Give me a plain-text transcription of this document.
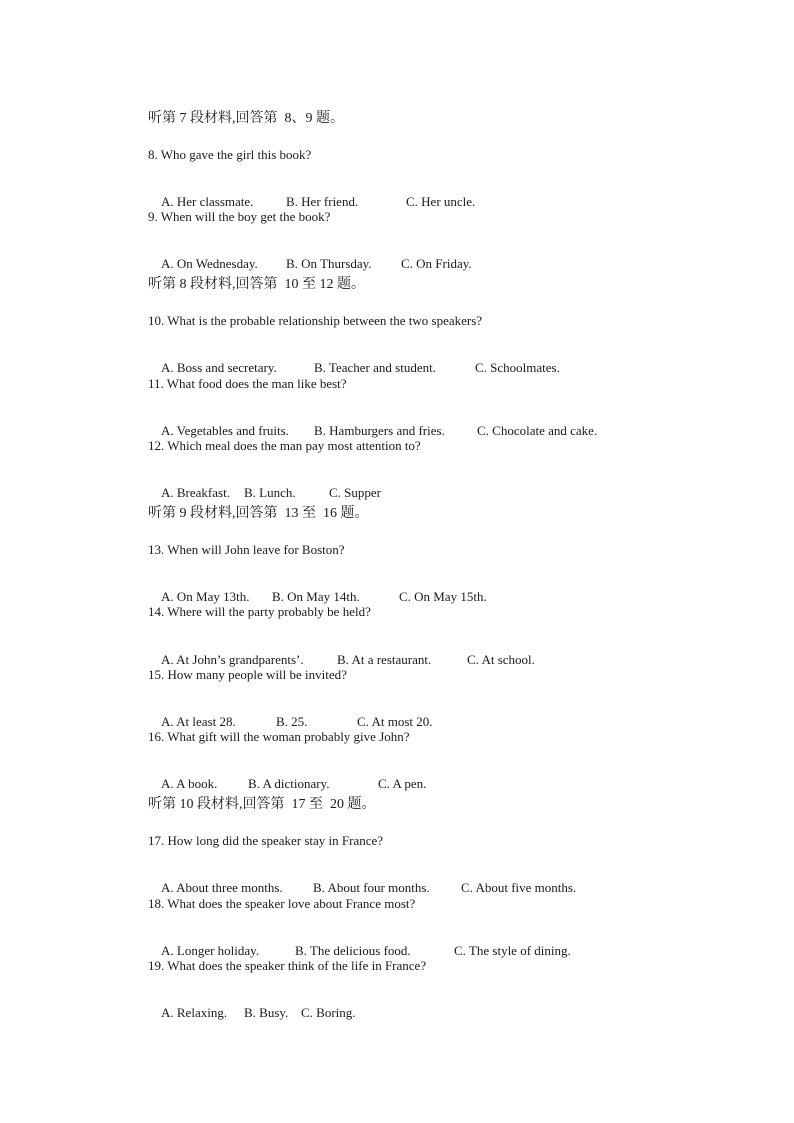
听第 7 段材料,回答第  8、9 题。
8. Who gave the girl this book?

A. Her classmate.	B. Her friend.	C. Her uncle.

9. When will the boy get the book?

A. On Wednesday. B. On Thursday. C. On Friday.

听第 8 段材料,回答第  10 至 12 题。
10. What is the probable relationship between the two speakers?

A. Boss and secretary.	B. Teacher and student.	C. Schoolmates.

11. What food does the man like best?

A. Vegetables and fruits. B. Hamburgers and fries. C. Chocolate and cake.

12. Which meal does the man pay most attention to?

A. Breakfast. B. Lunch.	C. Supper

听第 9 段材料,回答第  13 至  16 题。
13. When will John leave for Boston?

A. On May 13th. B. On May 14th.	C. On May 15th.

14. Where will the party probably be held?

A. At John’s grandparents’.	B. At a restaurant.	C. At school.

15. How many people will be invited?

A. At least 28.	B. 25.	C. At most 20.

16. What gift will the woman probably give John?

A. A book. B. A dictionary.	C. A pen.

听第 10 段材料,回答第  17 至  20 题。
17. How long did the speaker stay in France?

A. About three months. B. About four months. C. About five months.

18. What does the speaker love about France most?

A. Longer holiday.	B. The delicious food.	C. The style of dining.

19. What does the speaker think of the life in France?

A. Relaxing. B. Busy. C. Boring.
